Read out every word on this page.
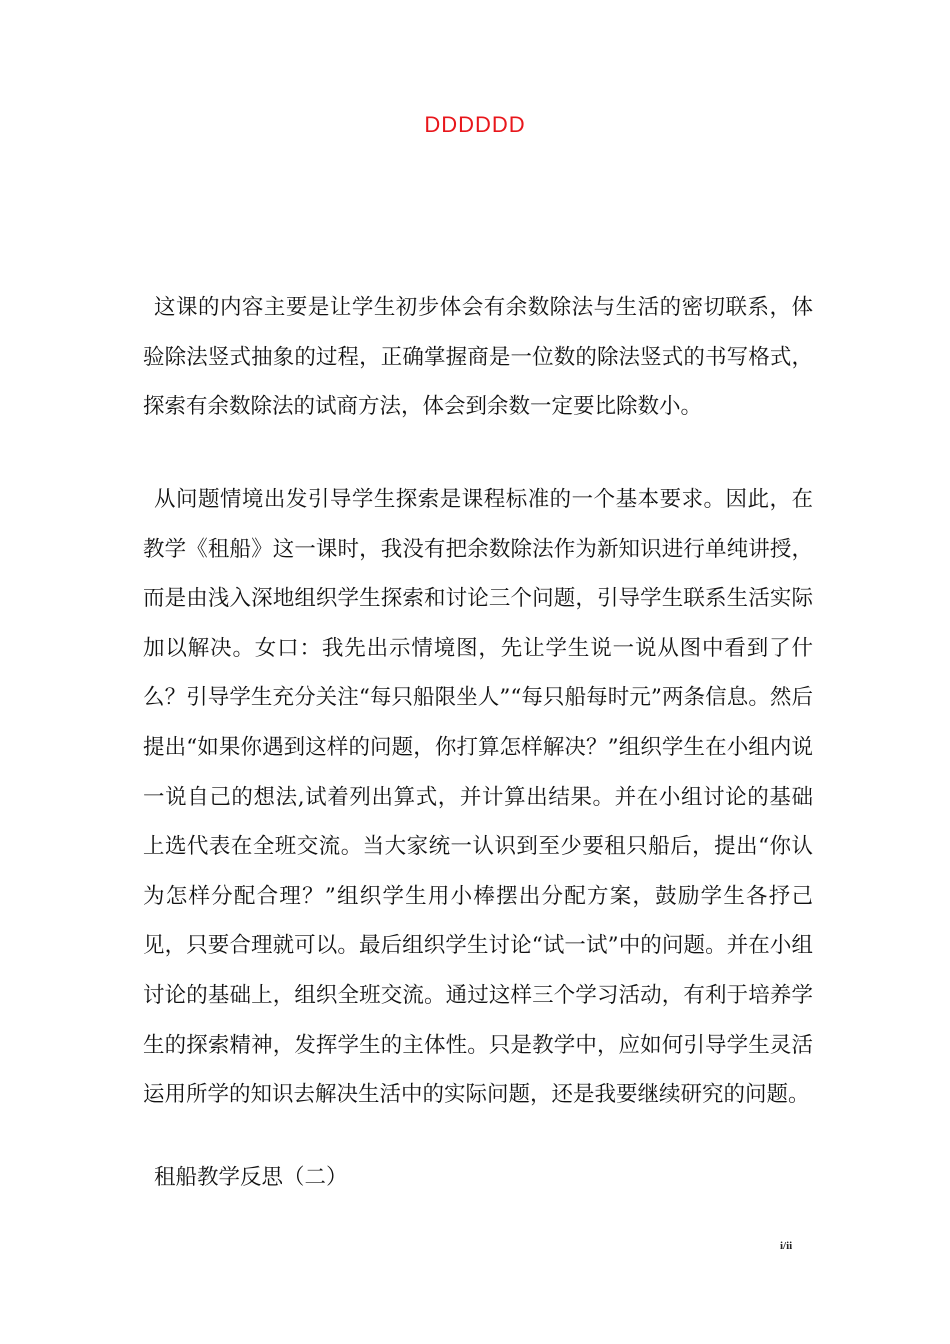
DDDDDD

这课的内容主要是让学生初步体会有余数除法与生活的密切联系，体验除法竖式抽象的过程，正确掌握商是一位数的除法竖式的书写格式，探索有余数除法的试商方法，体会到余数一定要比除数小。

从问题情境出发引导学生探索是课程标准的一个基本要求。因此，在教学《租船》这一课时，我没有把余数除法作为新知识进行单纯讲授，而是由浅入深地组织学生探索和讨论三个问题，引导学生联系生活实际加以解决。女口：我先出示情境图，先让学生说一说从图中看到了什么？引导学生充分关注“每只船限坐人”“每只船每时元”两条信息。然后提出“如果你遇到这样的问题，你打算怎样解决？”组织学生在小组内说一说自己的想法,试着列出算式，并计算出结果。并在小组讨论的基础上选代表在全班交流。当大家统一认识到至少要租只船后，提出“你认为怎样分配合理？”组织学生用小棒摆出分配方案，鼓励学生各抒己见，只要合理就可以。最后组织学生讨论“试一试”中的问题。并在小组讨论的基础上，组织全班交流。通过这样三个学习活动，有利于培养学生的探索精神，发挥学生的主体性。只是教学中，应如何引导学生灵活运用所学的知识去解决生活中的实际问题，还是我要继续研究的问题。

租船教学反思（二）
i/ii
